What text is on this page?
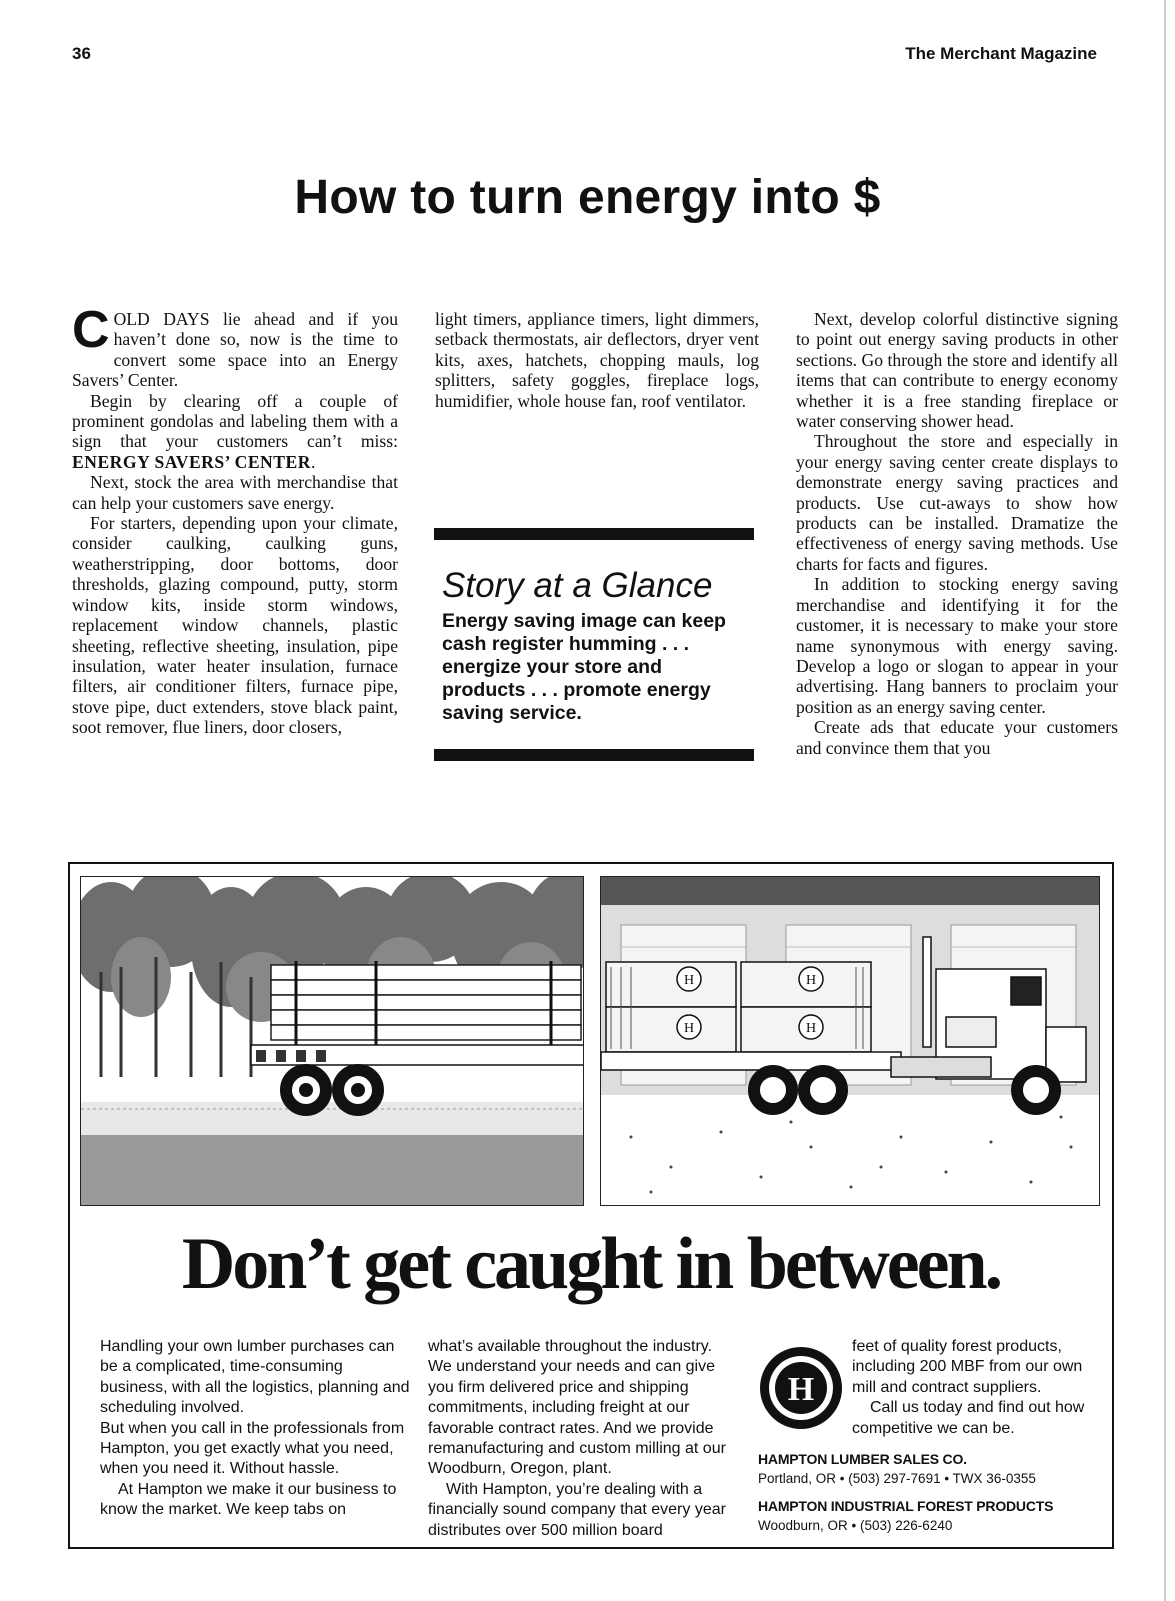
36	The Merchant Magazine
How to turn energy into $

COLD DAYS lie ahead and if you haven’t done so, now is the time to convert some space into an Energy Savers’ Center.

Begin by clearing off a couple of prominent gondolas and labeling them with a sign that your customers can’t miss: ENERGY SAVERS’ CENTER.

Next, stock the area with merchandise that can help your customers save energy.

For starters, depending upon your climate, consider caulking, caulking guns, weatherstripping, door bottoms, door thresholds, glazing compound, putty, storm window kits, inside storm windows, replacement window channels, plastic sheeting, reflective sheeting, insulation, pipe insulation, water heater insulation, furnace filters, air conditioner filters, furnace pipe, stove pipe, duct extenders, stove black paint, soot remover, flue liners, door closers,

light timers, appliance timers, light dimmers, setback thermostats, air deflectors, dryer vent kits, axes, hatchets, chopping mauls, log splitters, safety goggles, fireplace logs, humidifier, whole house fan, roof ventilator.

Story at a Glance
Energy saving image can keep cash register humming . . . energize your store and products . . . promote energy saving service.

Next, develop colorful distinctive signing to point out energy saving products in other sections. Go through the store and identify all items that can contribute to energy economy whether it is a free standing fireplace or water conserving shower head.

Throughout the store and especially in your energy saving center create displays to demonstrate energy saving practices and products. Use cut-aways to show how products can be installed. Dramatize the effectiveness of energy saving methods. Use charts for facts and figures.

In addition to stocking energy saving merchandise and identifying it for the customer, it is necessary to make your store name synonymous with energy saving. Develop a logo or slogan to appear in your advertising. Hang banners to proclaim your position as an energy saving center.

Create ads that educate your customers and convince them that you

H
H
H
H
Don’t get caught in between.

Handling your own lumber purchases can be a complicated, time-consuming business, with all the logistics, planning and scheduling involved.

But when you call in the professionals from Hampton, you get exactly what you need, when you need it. Without hassle.

At Hampton we make it our business to know the market. We keep tabs on

what’s available throughout the industry. We understand your needs and can give you firm delivered price and shipping commitments, including freight at our favorable contract rates. And we provide remanufacturing and custom milling at our Woodburn, Oregon, plant.

With Hampton, you’re dealing with a financially sound company that every year distributes over 500 million board

H

feet of quality forest products, including 200 MBF from our own mill and contract suppliers.

Call us today and find out how competitive we can be.

HAMPTON LUMBER SALES CO.
Portland, OR • (503) 297-7691 • TWX 36-0355
HAMPTON INDUSTRIAL FOREST PRODUCTS
Woodburn, OR • (503) 226-6240
